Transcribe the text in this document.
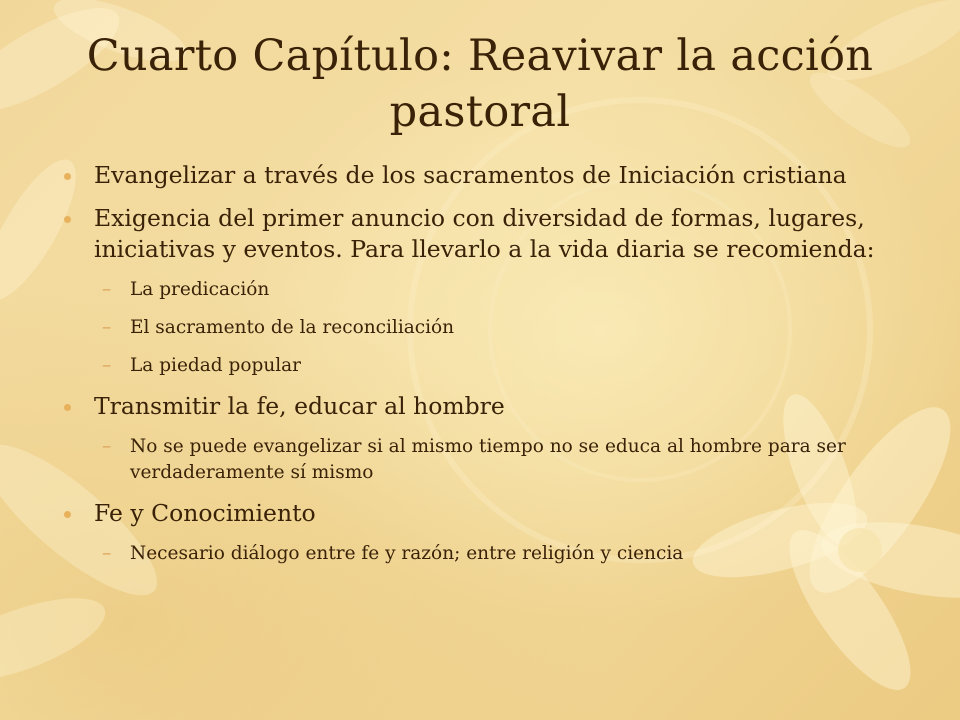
Cuarto Capítulo: Reavivar la acción
pastoral
Evangelizar a través de los sacramentos de Iniciación cristiana
Exigencia del primer anuncio con diversidad de formas, lugares, iniciativas y eventos. Para llevarlo a la vida diaria se recomienda:
– La predicación
– El sacramento de la reconciliación
– La piedad popular
Transmitir la fe, educar al hombre
– No se puede evangelizar si al mismo tiempo no se educa al hombre para ser verdaderamente sí mismo
Fe y Conocimiento
– Necesario diálogo entre fe y razón; entre religión y ciencia
